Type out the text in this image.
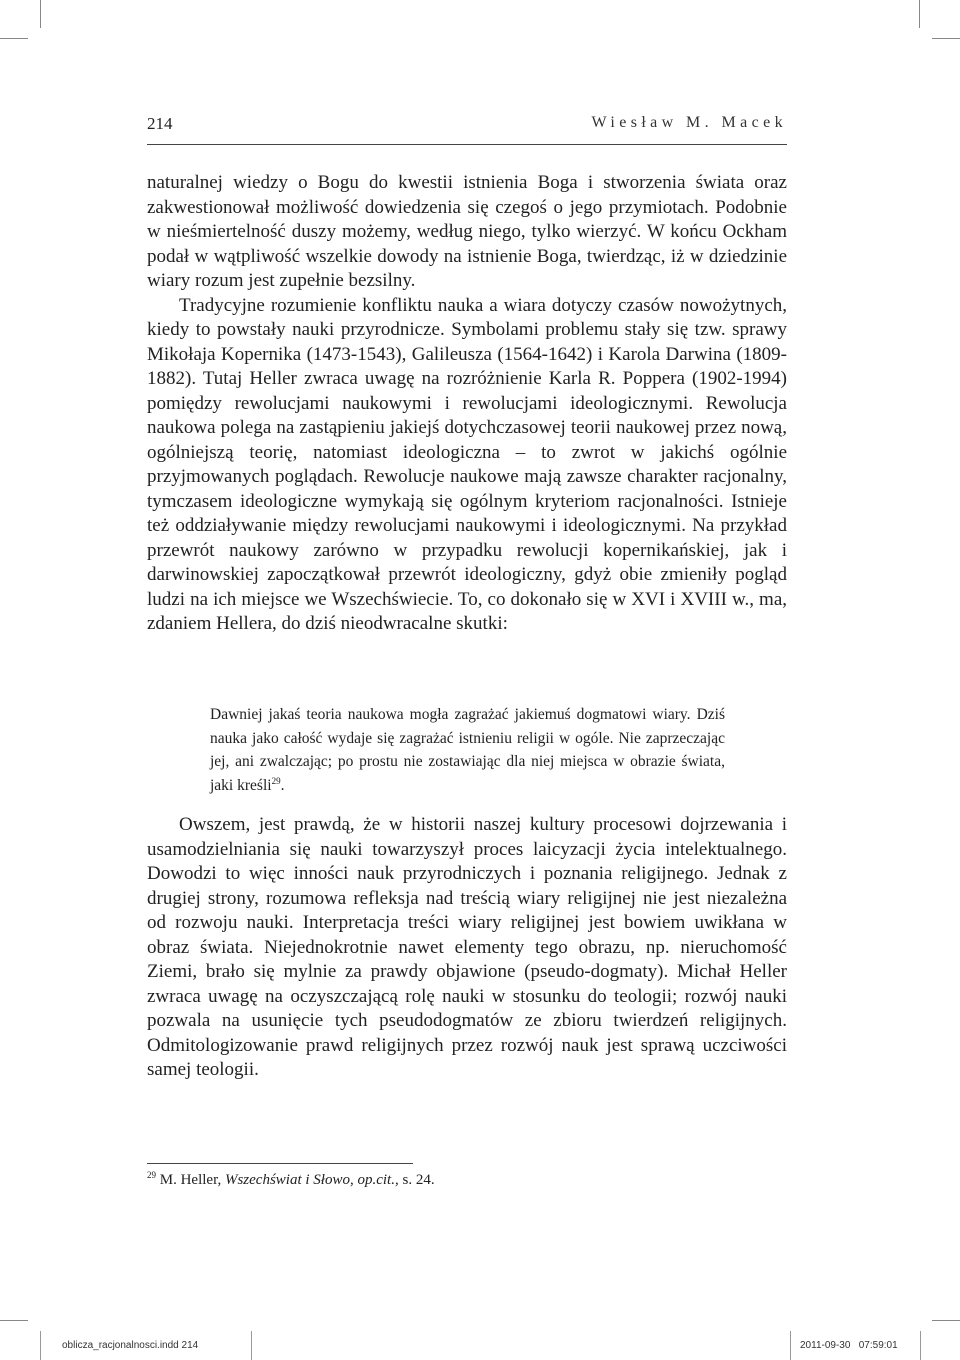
214	Wiesław M. Macek

naturalnej wiedzy o Bogu do kwestii istnienia Boga i stworzenia świata oraz zakwestionował możliwość dowiedzenia się czegoś o jego przymiotach. Podobnie w nieśmiertelność duszy możemy, według niego, tylko wierzyć. W końcu Ockham podał w wątpliwość wszelkie dowody na istnienie Boga, twierdząc, iż w dziedzinie wiary rozum jest zupełnie bezsilny.

Tradycyjne rozumienie konfliktu nauka a wiara dotyczy czasów nowożytnych, kiedy to powstały nauki przyrodnicze. Symbolami problemu stały się tzw. sprawy Mikołaja Kopernika (1473-1543), Galileusza (1564-1642) i Karola Darwina (1809-1882). Tutaj Heller zwraca uwagę na rozróżnienie Karla R. Poppera (1902-1994) pomiędzy rewolucjami naukowymi i rewolucjami ideologicznymi. Rewolucja naukowa polega na zastąpieniu jakiejś dotychczasowej teorii naukowej przez nową, ogólniejszą teorię, natomiast ideologiczna – to zwrot w jakichś ogólnie przyjmowanych poglądach. Rewolucje naukowe mają zawsze charakter racjonalny, tymczasem ideologiczne wymykają się ogólnym kryteriom racjonalności. Istnieje też oddziaływanie między rewolucjami naukowymi i ideologicznymi. Na przykład przewrót naukowy zarówno w przypadku rewolucji kopernikańskiej, jak i darwinowskiej zapoczątkował przewrót ideologiczny, gdyż obie zmieniły pogląd ludzi na ich miejsce we Wszechświecie. To, co dokonało się w XVI i XVIII w., ma, zdaniem Hellera, do dziś nieodwracalne skutki:

Dawniej jakaś teoria naukowa mogła zagrażać jakiemuś dogmatowi wiary. Dziś nauka jako całość wydaje się zagrażać istnieniu religii w ogóle. Nie zaprzeczając jej, ani zwalczając; po prostu nie zostawiając dla niej miejsca w obrazie świata, jaki kreśli$^{29}$.

Owszem, jest prawdą, że w historii naszej kultury procesowi dojrzewania i usamodzielniania się nauki towarzyszył proces laicyzacji życia intelektualnego. Dowodzi to więc inności nauk przyrodniczych i poznania religijnego. Jednak z drugiej strony, rozumowa refleksja nad treścią wiary religijnej nie jest niezależna od rozwoju nauki. Interpretacja treści wiary religijnej jest bowiem uwikłana w obraz świata. Niejednokrotnie nawet elementy tego obrazu, np. nieruchomość Ziemi, brało się mylnie za prawdy objawione (pseudo-dogmaty). Michał Heller zwraca uwagę na oczyszczającą rolę nauki w stosunku do teologii; rozwój nauki pozwala na usunięcie tych pseudodogmatów ze zbioru twierdzeń religijnych. Odmitologizowanie prawd religijnych przez rozwój nauk jest sprawą uczciwości samej teologii.

$^{29}$ M. Heller, Wszechświat i Słowo, op.cit., s. 24.
oblicza_racjonalnosci.indd 214	2011-09-30   07:59:01
